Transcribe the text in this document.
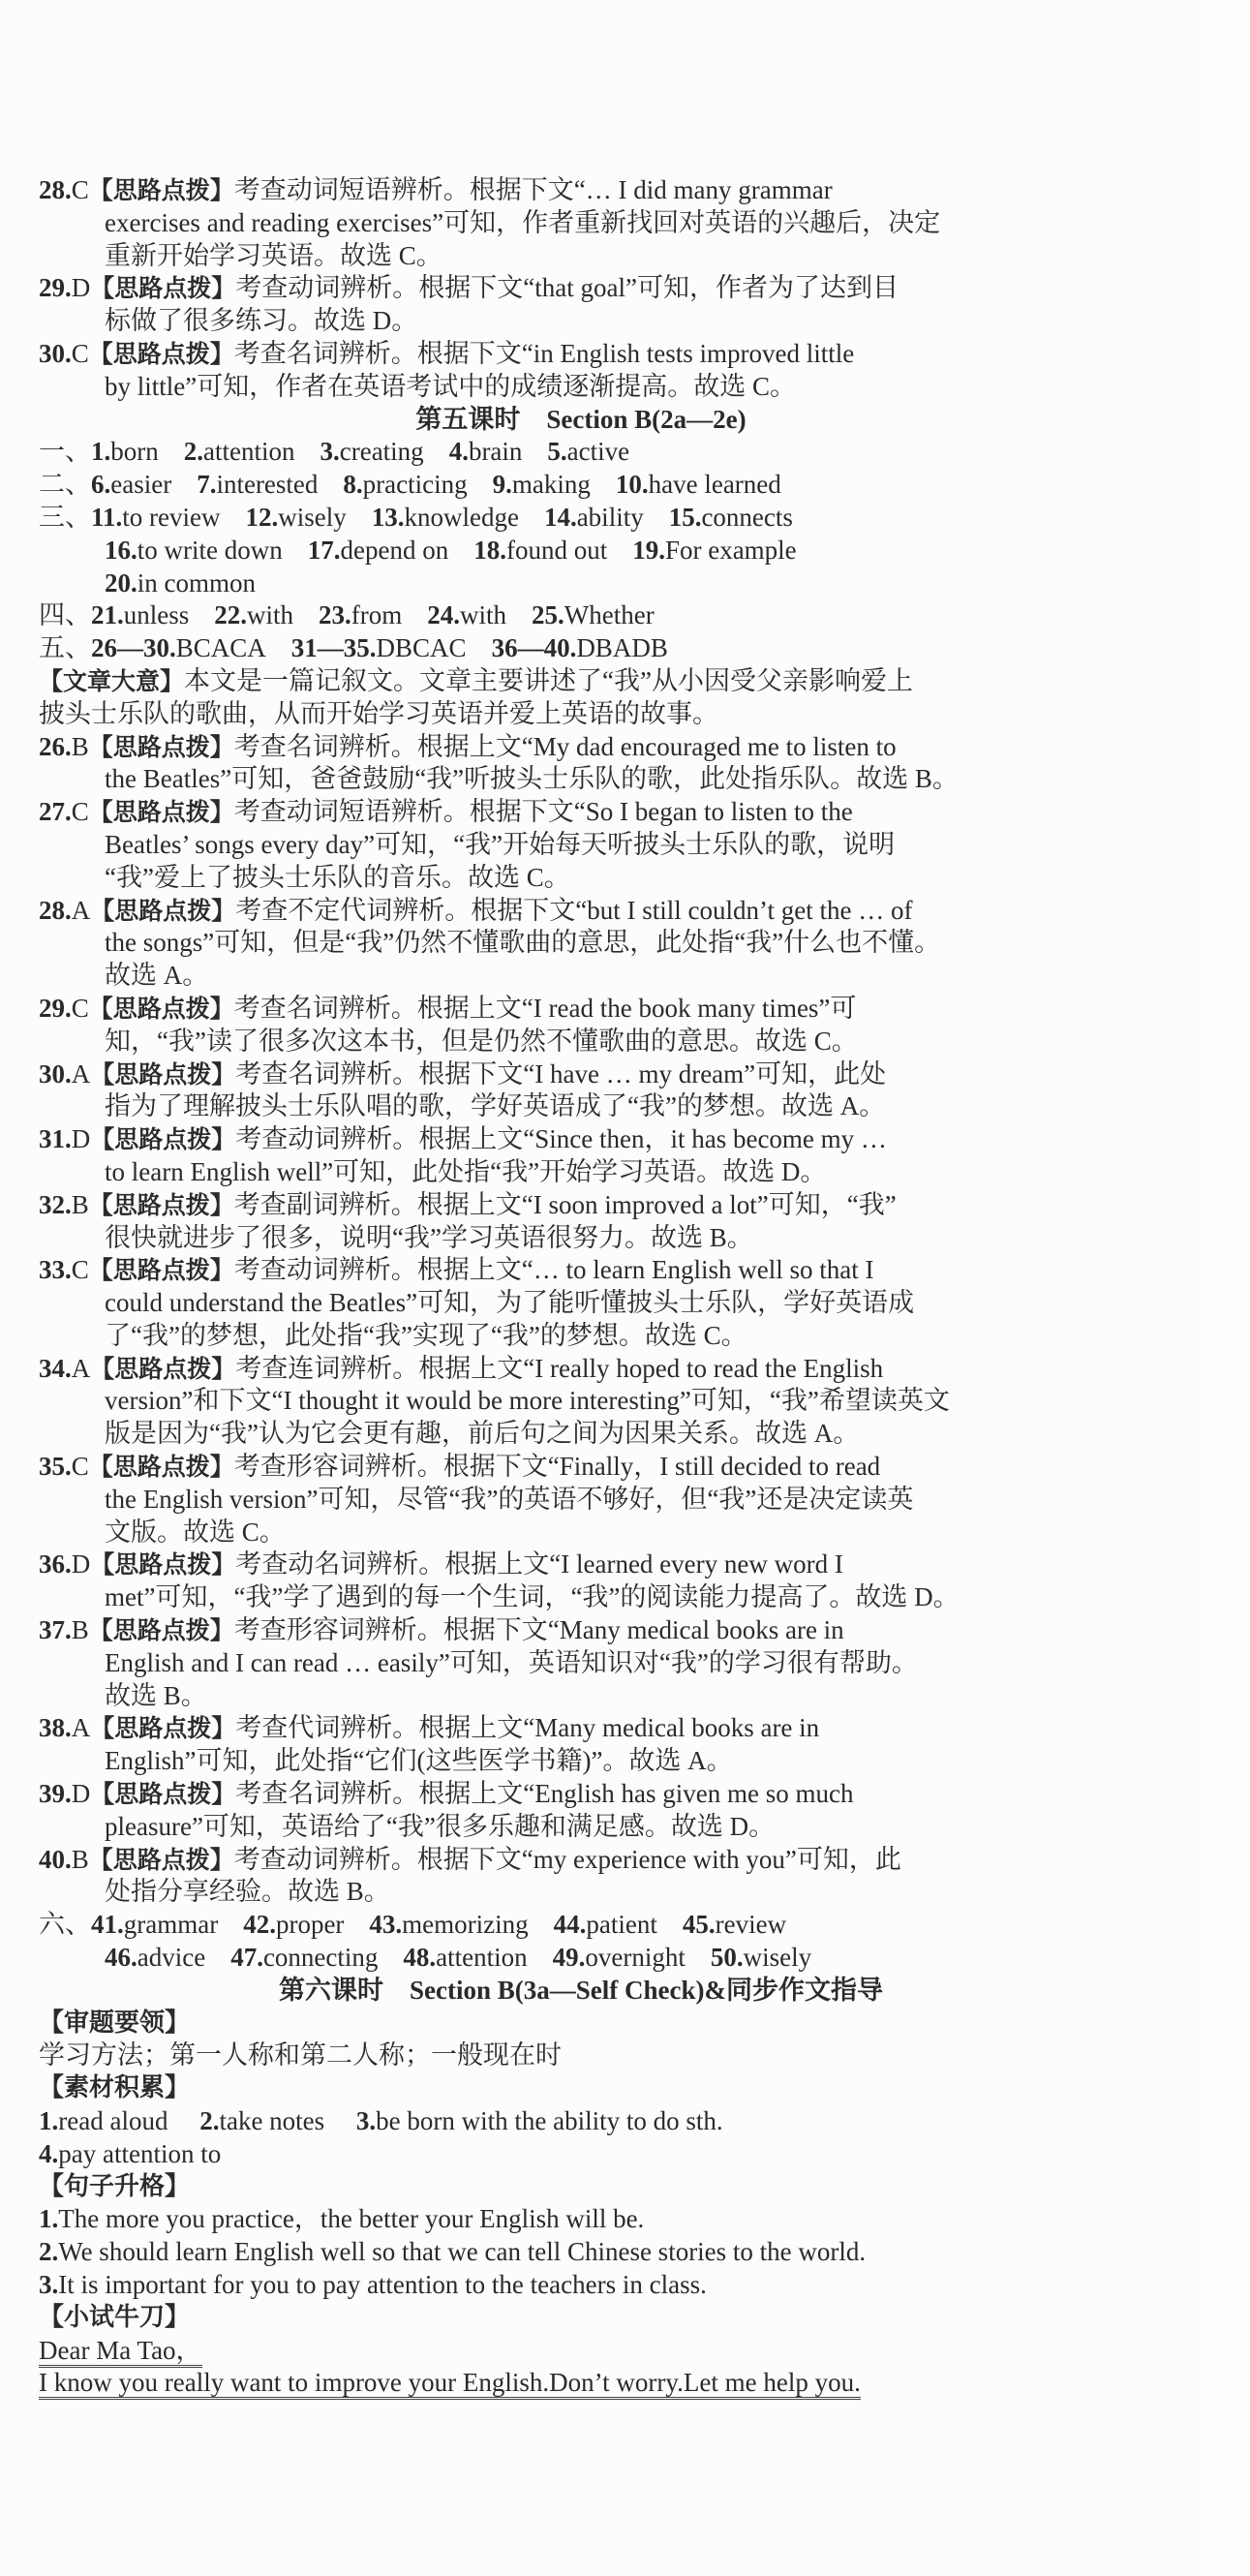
28.C【思路点拨】考查动词短语辨析。根据下文“… I did many grammar
exercises and reading exercises”可知，作者重新找回对英语的兴趣后，决定
重新开始学习英语。故选 C。
29.D【思路点拨】考查动词辨析。根据下文“that goal”可知，作者为了达到目
标做了很多练习。故选 D。
30.C【思路点拨】考查名词辨析。根据下文“in English tests improved little
by little”可知，作者在英语考试中的成绩逐渐提高。故选 C。
第五课时　Section B(2a—2e)
一、1.born 2.attention 3.creating 4.brain 5.active
二、6.easier 7.interested 8.practicing 9.making 10.have learned
三、11.to review 12.wisely 13.knowledge 14.ability 15.connects
16.to write down 17.depend on 18.found out 19.For example
20.in common
四、21.unless 22.with 23.from 24.with 25.Whether
五、26—30.BCACA 31—35.DBCAC 36—40.DBADB
【文章大意】本文是一篇记叙文。文章主要讲述了“我”从小因受父亲影响爱上
披头士乐队的歌曲，从而开始学习英语并爱上英语的故事。
26.B【思路点拨】考查名词辨析。根据上文“My dad encouraged me to listen to
the Beatles”可知，爸爸鼓励“我”听披头士乐队的歌，此处指乐队。故选 B。
27.C【思路点拨】考查动词短语辨析。根据下文“So I began to listen to the
Beatles’ songs every day”可知，“我”开始每天听披头士乐队的歌，说明
“我”爱上了披头士乐队的音乐。故选 C。
28.A【思路点拨】考查不定代词辨析。根据下文“but I still couldn’t get the … of
the songs”可知，但是“我”仍然不懂歌曲的意思，此处指“我”什么也不懂。
故选 A。
29.C【思路点拨】考查名词辨析。根据上文“I read the book many times”可
知，“我”读了很多次这本书，但是仍然不懂歌曲的意思。故选 C。
30.A【思路点拨】考查名词辨析。根据下文“I have … my dream”可知，此处
指为了理解披头士乐队唱的歌，学好英语成了“我”的梦想。故选 A。
31.D【思路点拨】考查动词辨析。根据上文“Since then，it has become my …
to learn English well”可知，此处指“我”开始学习英语。故选 D。
32.B【思路点拨】考查副词辨析。根据上文“I soon improved a lot”可知，“我”
很快就进步了很多，说明“我”学习英语很努力。故选 B。
33.C【思路点拨】考查动词辨析。根据上文“… to learn English well so that I
could understand the Beatles”可知，为了能听懂披头士乐队，学好英语成
了“我”的梦想，此处指“我”实现了“我”的梦想。故选 C。
34.A【思路点拨】考查连词辨析。根据上文“I really hoped to read the English
version”和下文“I thought it would be more interesting”可知，“我”希望读英文
版是因为“我”认为它会更有趣，前后句之间为因果关系。故选 A。
35.C【思路点拨】考查形容词辨析。根据下文“Finally，I still decided to read
the English version”可知，尽管“我”的英语不够好，但“我”还是决定读英
文版。故选 C。
36.D【思路点拨】考查动名词辨析。根据上文“I learned every new word I
met”可知，“我”学了遇到的每一个生词，“我”的阅读能力提高了。故选 D。
37.B【思路点拨】考查形容词辨析。根据下文“Many medical books are in
English and I can read … easily”可知，英语知识对“我”的学习很有帮助。
故选 B。
38.A【思路点拨】考查代词辨析。根据上文“Many medical books are in
English”可知，此处指“它们(这些医学书籍)”。故选 A。
39.D【思路点拨】考查名词辨析。根据上文“English has given me so much
pleasure”可知，英语给了“我”很多乐趣和满足感。故选 D。
40.B【思路点拨】考查动词辨析。根据下文“my experience with you”可知，此
处指分享经验。故选 B。
六、41.grammar 42.proper 43.memorizing 44.patient 45.review
46.advice 47.connecting 48.attention 49.overnight 50.wisely
第六课时　Section B(3a—Self Check)&同步作文指导
【审题要领】
学习方法；第一人称和第二人称；一般现在时
【素材积累】
1.read aloud 2.take notes 3.be born with the ability to do sth.
4.pay attention to
【句子升格】
1.The more you practice，the better your English will be.
2.We should learn English well so that we can tell Chinese stories to the world.
3.It is important for you to pay attention to the teachers in class.
【小试牛刀】
Dear Ma Tao，
I know you really want to improve your English.Don’t worry.Let me help you.
